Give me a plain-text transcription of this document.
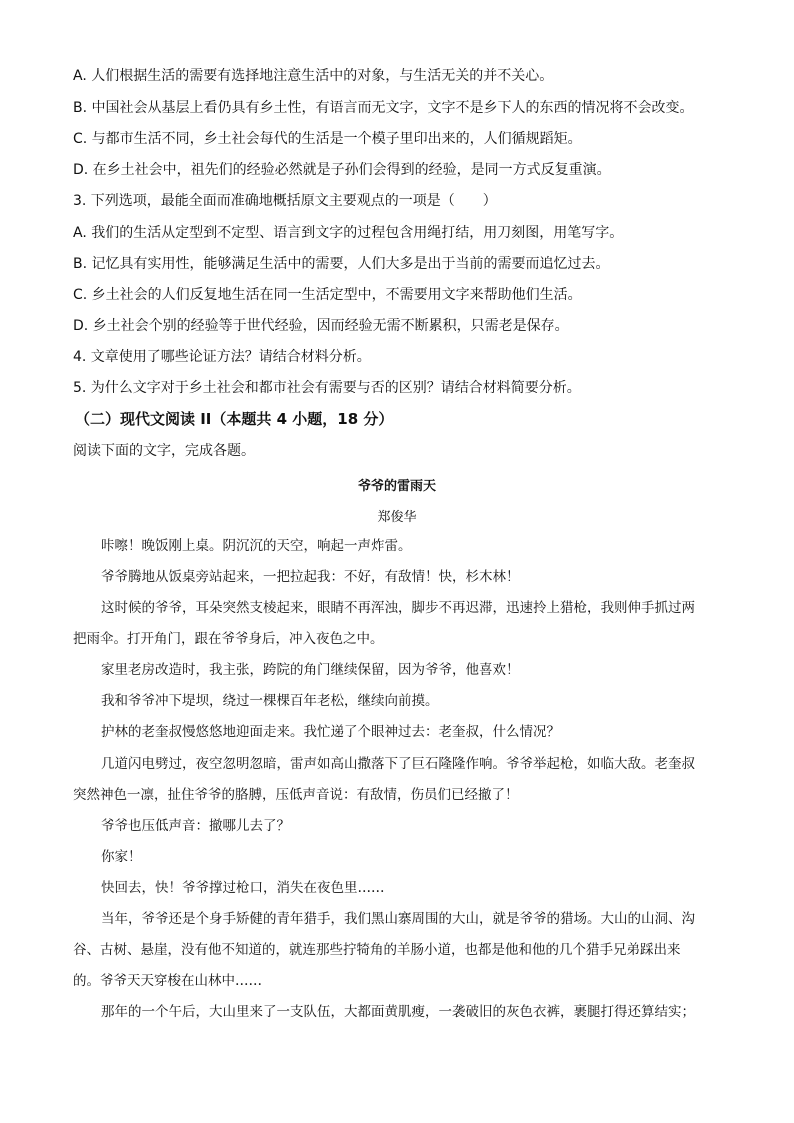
A. 人们根据生活的需要有选择地注意生活中的对象，与生活无关的并不关心。
B. 中国社会从基层上看仍具有乡土性，有语言而无文字，文字不是乡下人的东西的情况将不会改变。
C. 与都市生活不同，乡土社会每代的生活是一个模子里印出来的，人们循规蹈矩。
D. 在乡土社会中，祖先们的经验必然就是子孙们会得到的经验，是同一方式反复重演。
3. 下列选项，最能全面而准确地概括原文主要观点的一项是（　　）
A. 我们的生活从定型到不定型、语言到文字的过程包含用绳打结，用刀刻图，用笔写字。
B. 记忆具有实用性，能够满足生活中的需要，人们大多是出于当前的需要而追忆过去。
C. 乡土社会的人们反复地生活在同一生活定型中，不需要用文字来帮助他们生活。
D. 乡土社会个别的经验等于世代经验，因而经验无需不断累积，只需老是保存。
4. 文章使用了哪些论证方法？请结合材料分析。
5. 为什么文字对于乡土社会和都市社会有需要与否的区别？请结合材料简要分析。
（二）现代文阅读 II（本题共 4 小题，18 分）
阅读下面的文字，完成各题。
爷爷的雷雨天
郑俊华
咔嚓！晚饭刚上桌。阴沉沉的天空，响起一声炸雷。
爷爷腾地从饭桌旁站起来，一把拉起我：不好，有敌情！快，杉木林！
这时候的爷爷，耳朵突然支棱起来，眼睛不再浑浊，脚步不再迟滞，迅速拎上猎枪，我则伸手抓过两
把雨伞。打开角门，跟在爷爷身后，冲入夜色之中。
家里老房改造时，我主张，跨院的角门继续保留，因为爷爷，他喜欢！
我和爷爷冲下堤坝，绕过一棵棵百年老松，继续向前摸。
护林的老奎叔慢悠悠地迎面走来。我忙递了个眼神过去：老奎叔，什么情况？
几道闪电劈过，夜空忽明忽暗，雷声如高山撒落下了巨石隆隆作响。爷爷举起枪，如临大敌。老奎叔
突然神色一凛，扯住爷爷的胳膊，压低声音说：有敌情，伤员们已经撤了！
爷爷也压低声音：撤哪儿去了？
你家！
快回去，快！爷爷撑过枪口，消失在夜色里……
当年，爷爷还是个身手矫健的青年猎手，我们黑山寨周围的大山，就是爷爷的猎场。大山的山洞、沟
谷、古树、悬崖，没有他不知道的，就连那些拧犄角的羊肠小道，也都是他和他的几个猎手兄弟踩出来
的。爷爷天天穿梭在山林中……
那年的一个午后，大山里来了一支队伍，大都面黄肌瘦，一袭破旧的灰色衣裤，裹腿打得还算结实；
